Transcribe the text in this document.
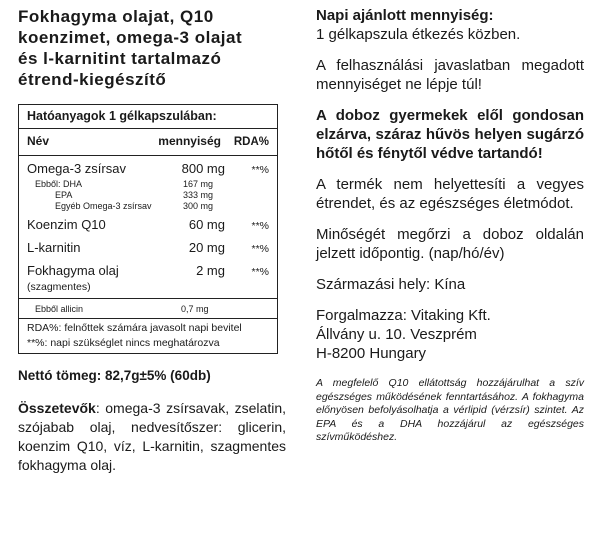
Fokhagyma olajat, Q10
koenzimet, omega-3 olajat
és l-karnitint tartalmazó
étrend-kiegészítő
Hatóanyagok 1 gélkapszulában:
Név	mennyiség	RDA%
Omega-3 zsírsav	800 mg	**%
Ebből: DHA	167 mg
EPA	333 mg
Egyéb Omega-3 zsírsav	300 mg
Koenzim Q10	60 mg	**%
L-karnitin	20 mg	**%
Fokhagyma olaj	2 mg	**%
(szagmentes)
Ebből allicin	0,7 mg
RDA%: felnőttek számára javasolt napi bevitel
**%: napi szükséglet nincs meghatározva
Nettó tömeg: 82,7g±5% (60db)
Összetevők: omega-3 zsírsavak, zselatin, szójabab olaj, nedvesítőszer: glicerin, koenzim Q10, víz, L-karnitin, szagmentes fokhagyma olaj.
Napi ajánlott mennyiség:
1 gélkapszula étkezés közben.
A felhasználási javaslatban megadott mennyiséget ne lépje túl!
A doboz gyermekek elől gondosan elzárva, száraz hűvös helyen sugárzó hőtől és fénytől védve tartandó!
A termék nem helyettesíti a vegyes étrendet, és az egészséges életmódot.
Minőségét megőrzi a doboz oldalán jelzett időpontig. (nap/hó/év)
Származási hely: Kína
Forgalmazza: Vitaking Kft.
Állvány u. 10. Veszprém
H-8200 Hungary
A megfelelő Q10 ellátottság hozzájárulhat a szív egészséges működésének fenntartásához. A fokhagyma előnyösen befolyásolhatja a vérlipid (vérzsír) szintet. Az EPA és a DHA hozzájárul az egészséges szívműködéshez.
